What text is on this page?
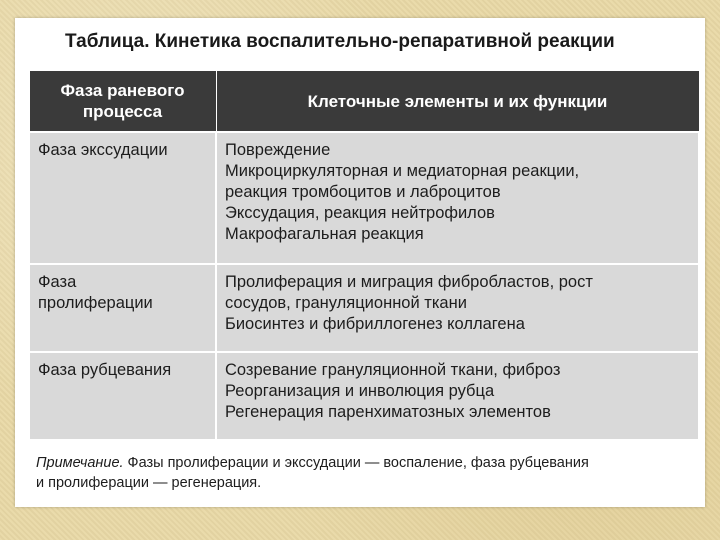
Таблица. Кинетика воспалительно-репаративной реакции
Фаза раневого
процесса	Клеточные элементы и их функции

Фаза экссудации	Повреждение
Микроциркуляторная и медиаторная реакции,
реакция тромбоцитов и лаброцитов
Экссудация, реакция нейтрофилов
Макрофагальная реакция

Фаза
пролиферации	Пролиферация и миграция фибробластов, рост
сосудов, грануляционной ткани
Биосинтез и фибриллогенез коллагена

Фаза рубцевания	Созревание грануляционной ткани, фиброз
Реорганизация и инволюция рубца
Регенерация паренхиматозных элементов
Примечание. Фазы пролиферации и экссудации — воспаление, фаза рубцевания
и пролиферации — регенерация.
